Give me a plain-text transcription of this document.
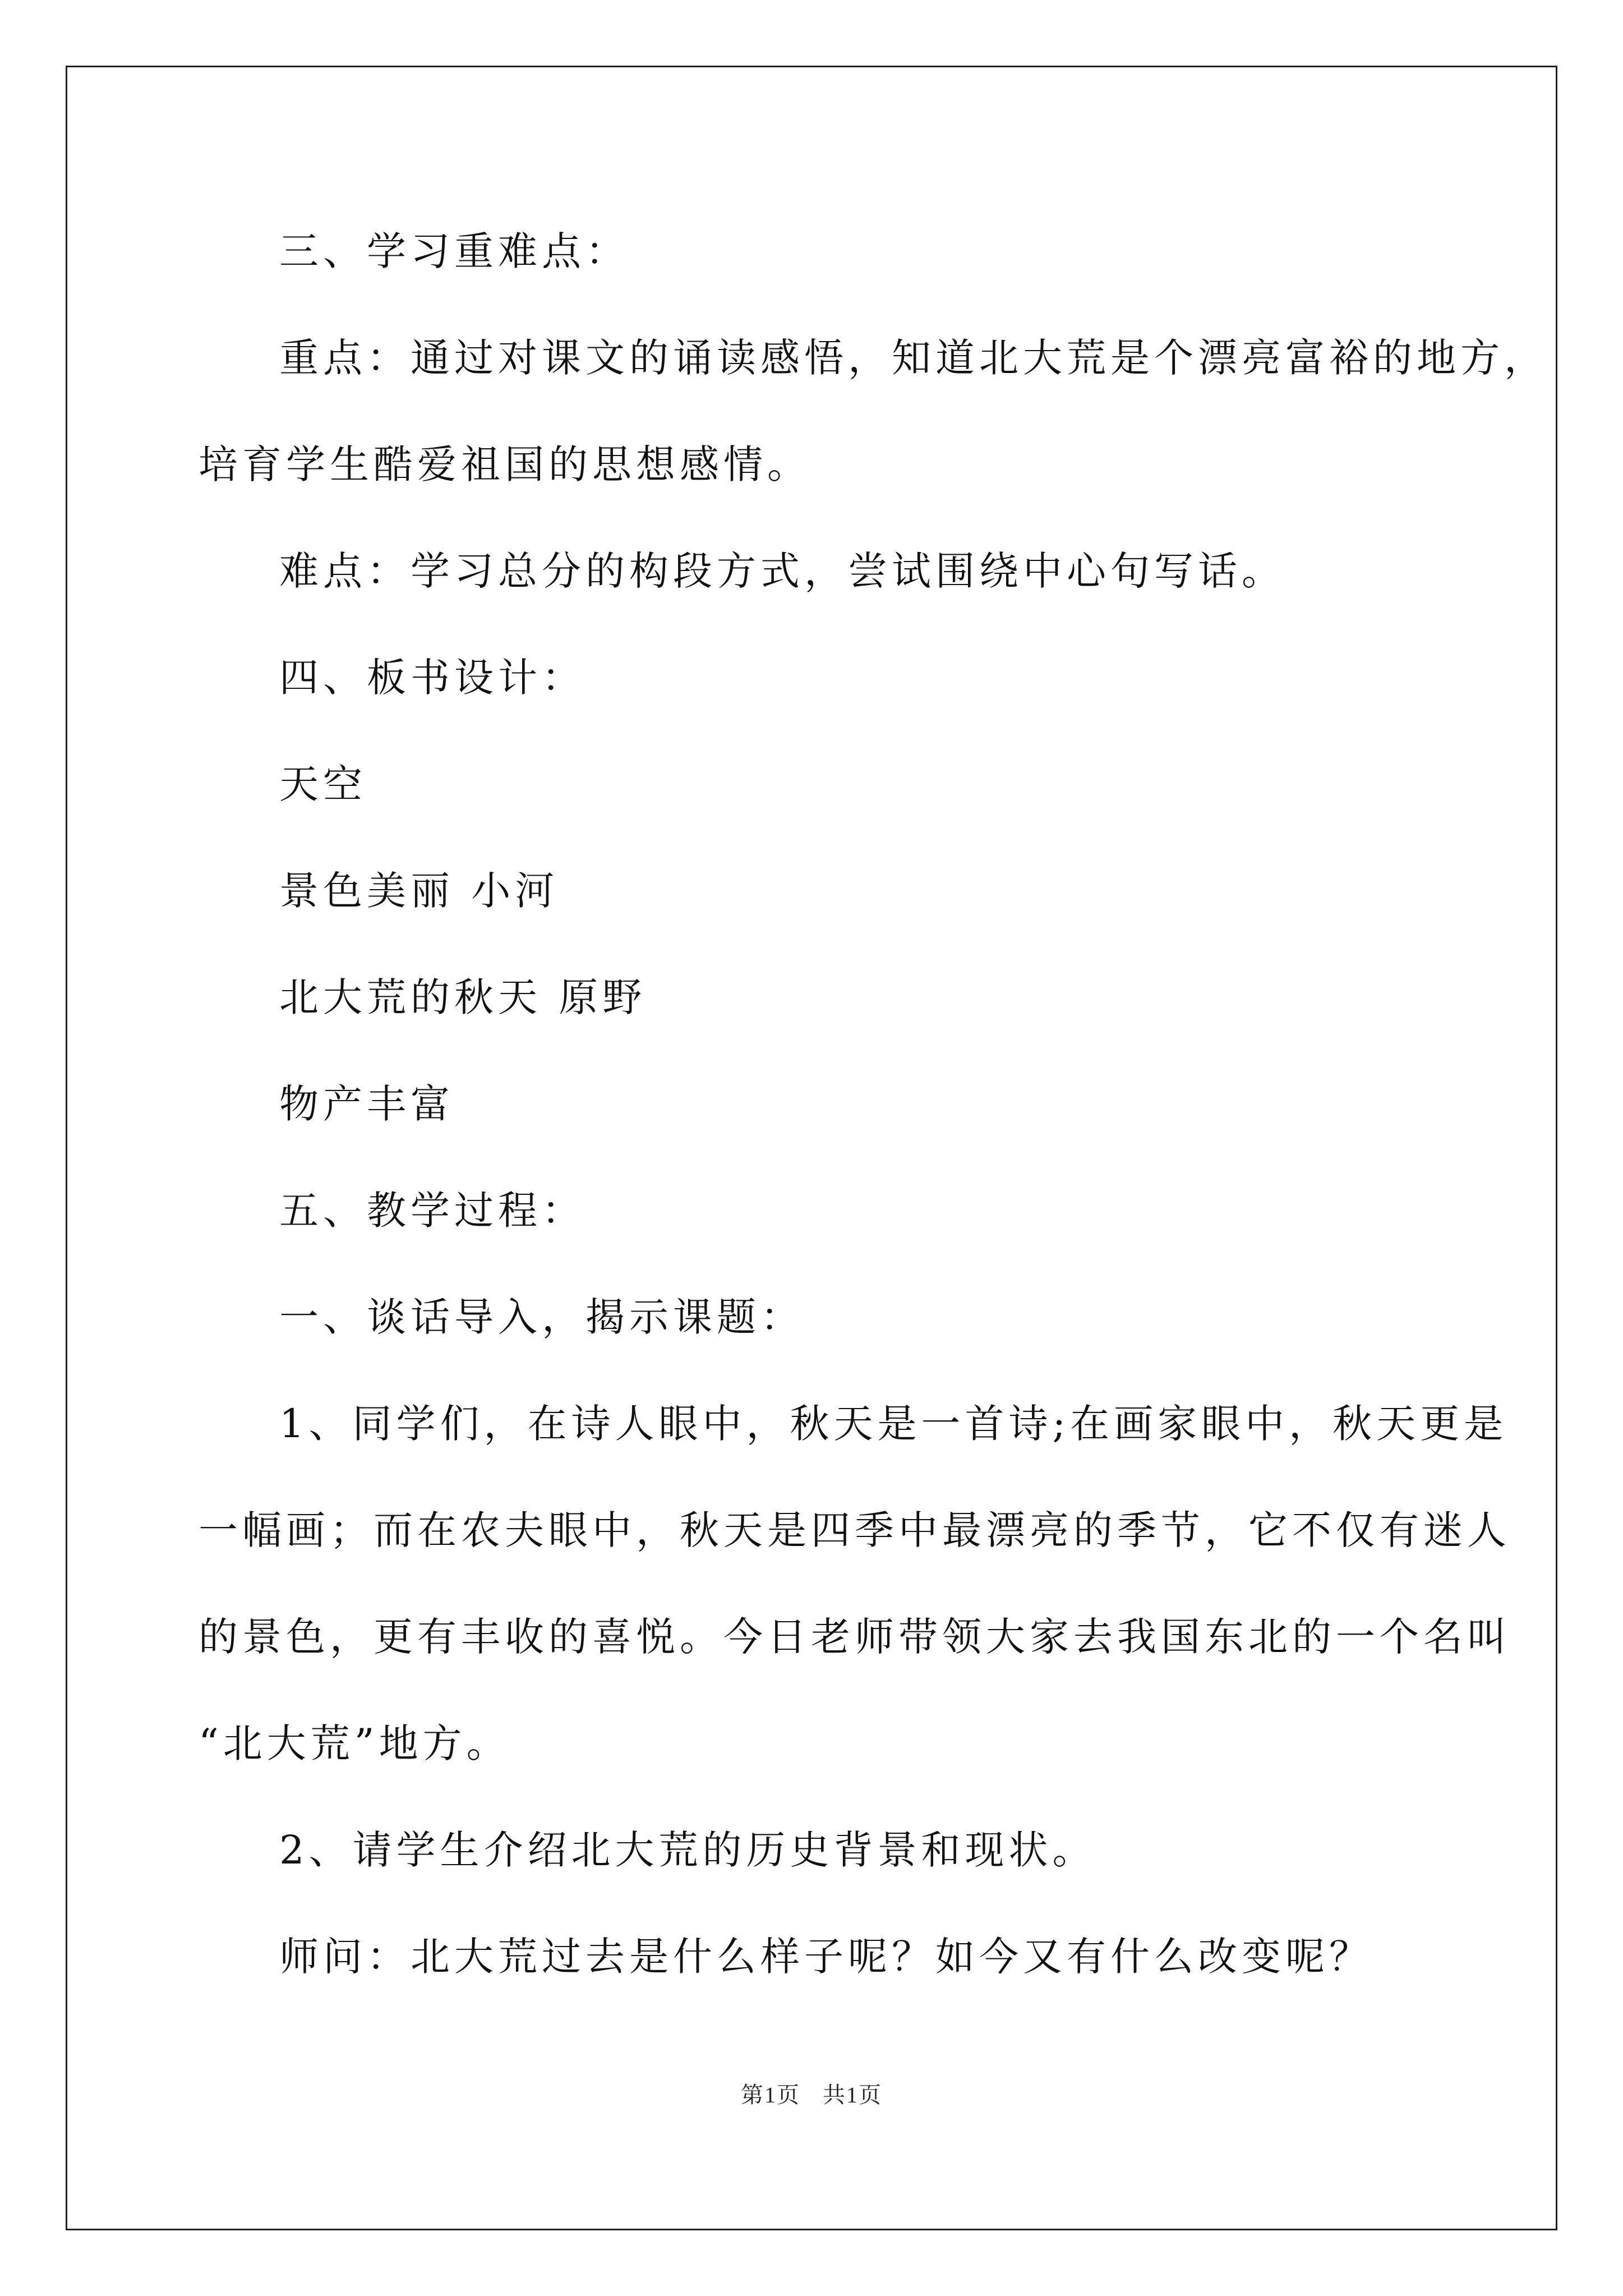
三、学习重难点：

重点：通过对课文的诵读感悟，知道北大荒是个漂亮富裕的地方，

培育学生酷爱祖国的思想感情。

难点：学习总分的构段方式，尝试围绕中心句写话。

四、板书设计：

天空

景色美丽 小河

北大荒的秋天 原野

物产丰富

五、教学过程：

一、谈话导入，揭示课题：

1、同学们，在诗人眼中，秋天是一首诗;在画家眼中，秋天更是

一幅画；而在农夫眼中，秋天是四季中最漂亮的季节，它不仅有迷人

的景色，更有丰收的喜悦。今日老师带领大家去我国东北的一个名叫

“北大荒”地方。

2、请学生介绍北大荒的历史背景和现状。

师问：北大荒过去是什么样子呢？如今又有什么改变呢？

第1页 共1页
